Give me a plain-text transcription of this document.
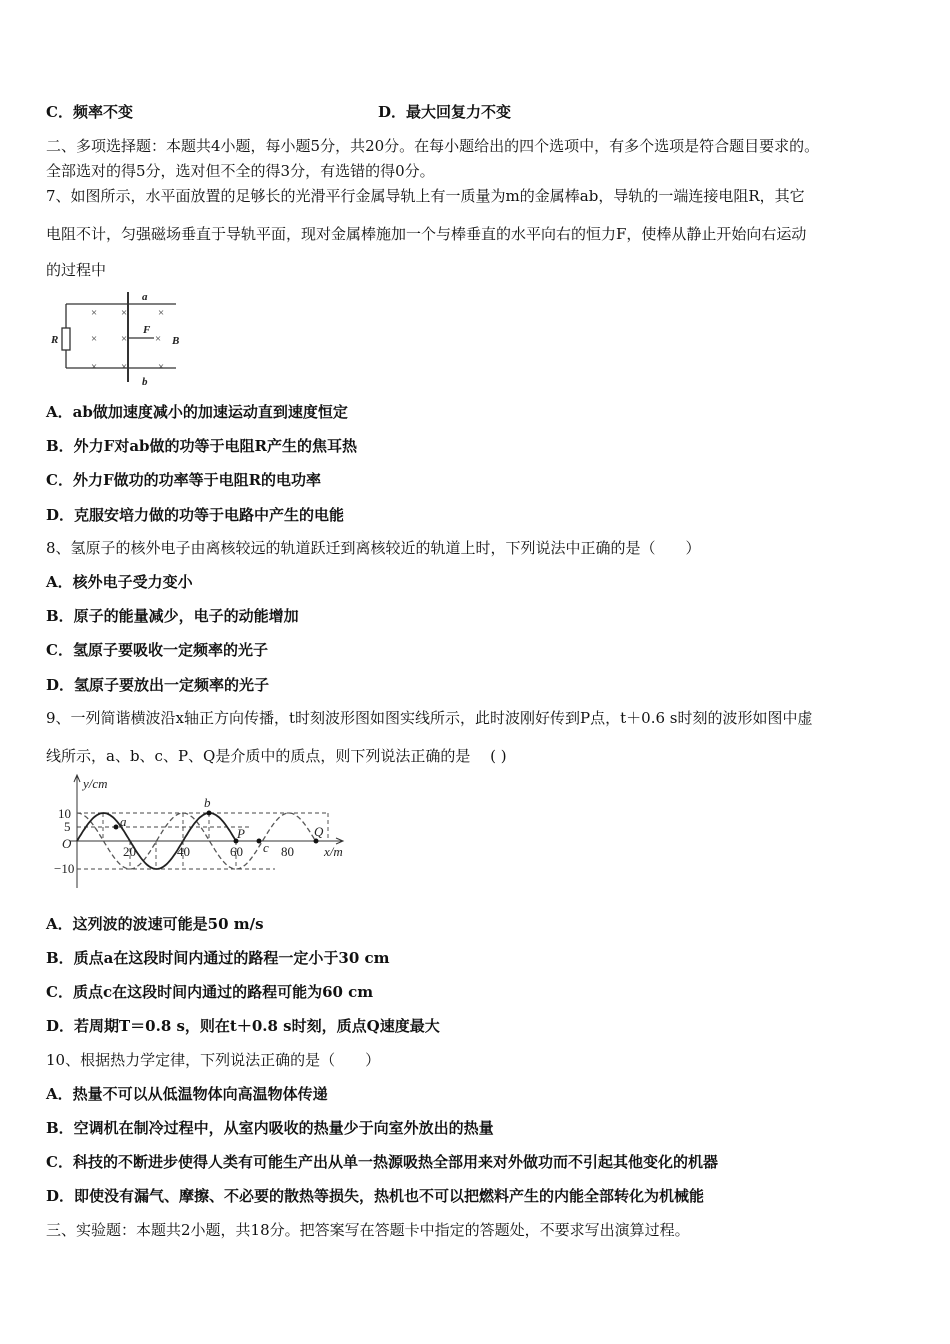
C．频率不变	D．最大回复力不变
二、多项选择题：本题共4小题，每小题5分，共20分。在每小题给出的四个选项中，有多个选项是符合题目要求的。
全部选对的得5分，选对但不全的得3分，有选错的得0分。
7、如图所示，水平面放置的足够长的光滑平行金属导轨上有一质量为m的金属棒ab，导轨的一端连接电阻R，其它
电阻不计，匀强磁场垂直于导轨平面，现对金属棒施加一个与棒垂直的水平向右的恒力F，使棒从静止开始向右运动
的过程中
A．ab做加速度减小的加速运动直到速度恒定
B．外力F对ab做的功等于电阻R产生的焦耳热
C．外力F做功的功率等于电阻R的电功率
D．克服安培力做的功等于电路中产生的电能
8、氢原子的核外电子由离核较远的轨道跃迁到离核较近的轨道上时，下列说法中正确的是（　　）
A．核外电子受力变小
B．原子的能量减少，电子的动能增加
C．氢原子要吸收一定频率的光子
D．氢原子要放出一定频率的光子
9、一列简谐横波沿x轴正方向传播，t时刻波形图如图实线所示，此时波刚好传到P点，t＋0.6 s时刻的波形如图中虚
线所示，a、b、c、P、Q是介质中的质点，则下列说法正确的是　 ( )
A．这列波的波速可能是50 m/s
B．质点a在这段时间内通过的路程一定小于30 cm
C．质点c在这段时间内通过的路程可能为60 cm
D．若周期T＝0.8 s，则在t＋0.8 s时刻，质点Q速度最大
10、根据热力学定律，下列说法正确的是（　　）
A．热量不可以从低温物体向高温物体传递
B．空调机在制冷过程中，从室内吸收的热量少于向室外放出的热量
C．科技的不断进步使得人类有可能生产出从单一热源吸热全部用来对外做功而不引起其他变化的机器
D．即使没有漏气、摩擦、不必要的散热等损失，热机也不可以把燃料产生的内能全部转化为机械能
三、实验题：本题共2小题，共18分。把答案写在答题卡中指定的答题处，不要求写出演算过程。
× ×	×
× × ×
× ×	×
R
a
b
F
B
y/cm
x/m
O
10
5
−10
20	40	60	80
a
b
P
c
Q
